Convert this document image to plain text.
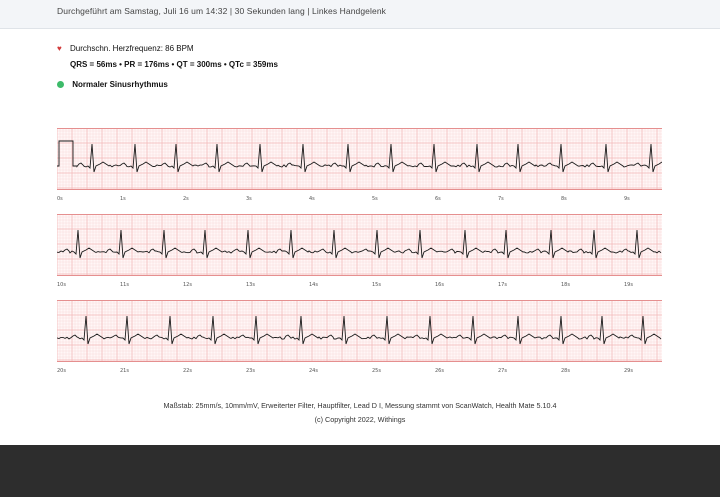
Durchgeführt am Samstag, Juli 16 um 14:32 | 30 Sekunden lang | Linkes Handgelenk
♥ Durchschn. Herzfrequenz: 86 BPM
QRS = 56ms • PR = 176ms • QT = 300ms • QTc = 359ms
Normaler Sinusrhythmus
0s	1s	2s	3s	4s	5s	6s	7s	8s	9s
10s	11s	12s	13s	14s	15s	16s	17s	18s	19s
20s	21s	22s	23s	24s	25s	26s	27s	28s	29s
Maßstab: 25mm/s, 10mm/mV, Erweiterter Filter, Hauptfilter, Lead D I, Messung stammt von ScanWatch, Health Mate 5.10.4
(c) Copyright 2022, Withings
